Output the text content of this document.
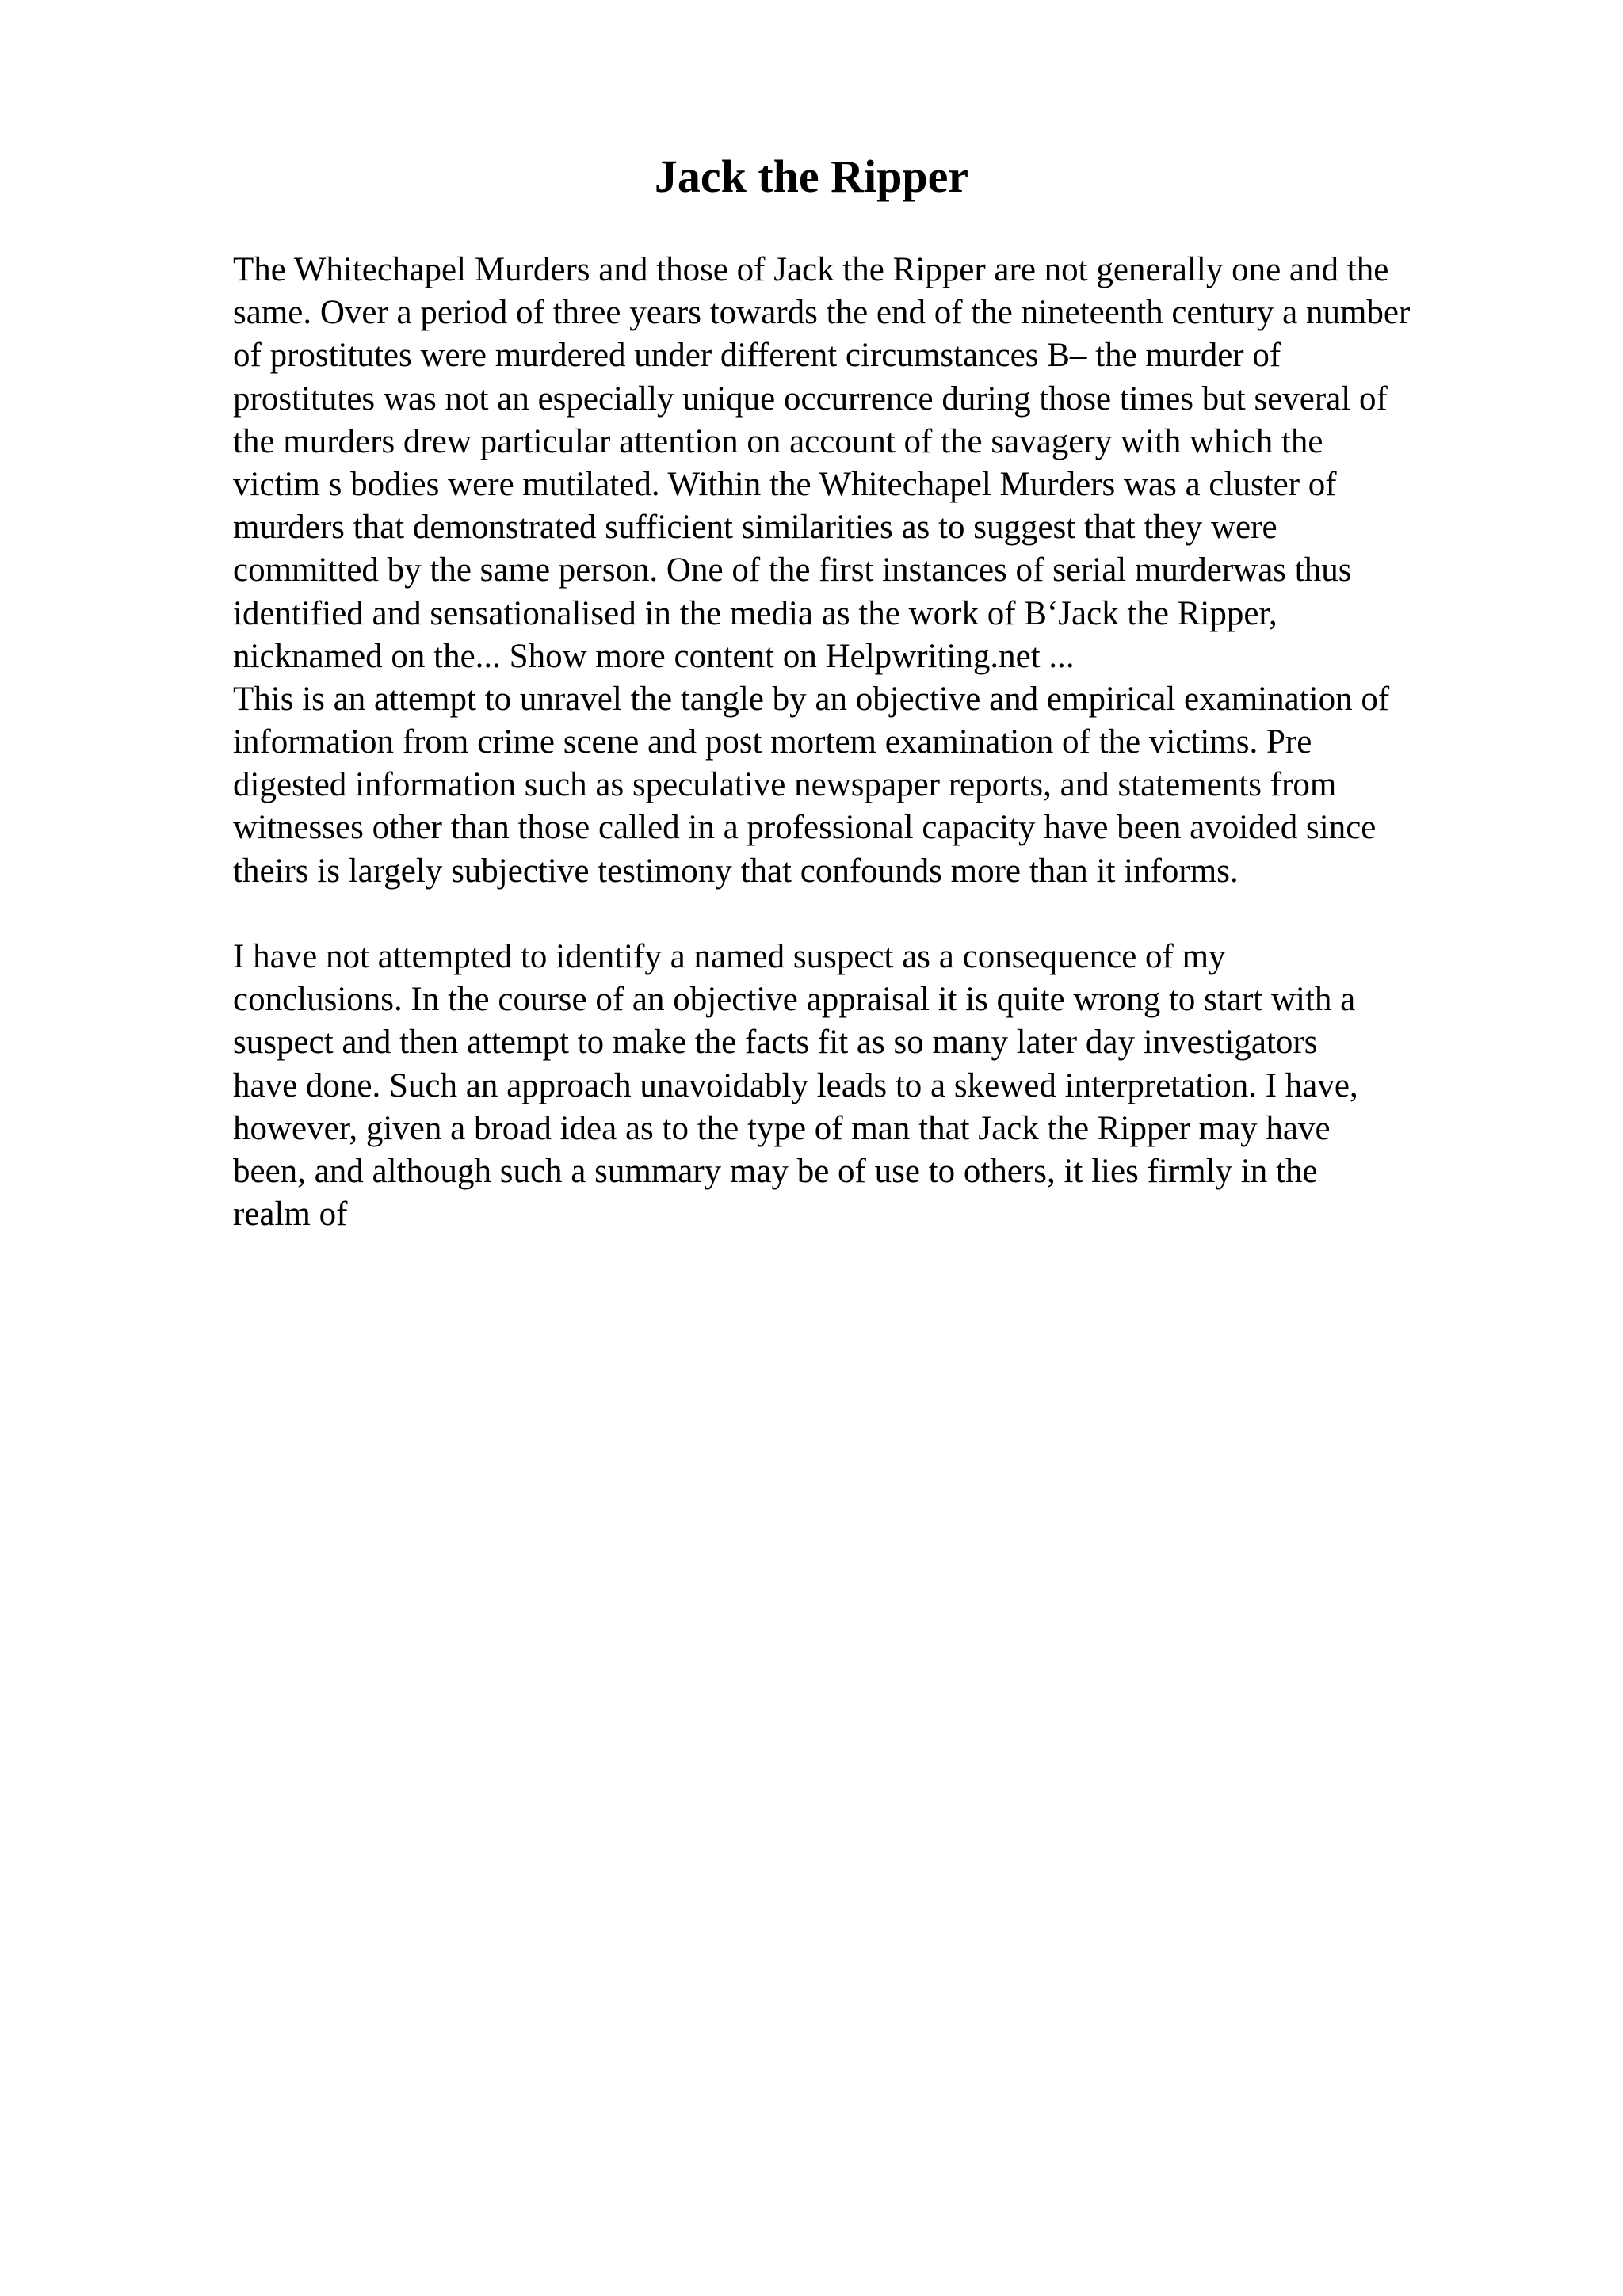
Jack the Ripper
The Whitechapel Murders and those of Jack the Ripper are not generally one and the
same. Over a period of three years towards the end of the nineteenth century a number
of prostitutes were murdered under different circumstances B– the murder of
prostitutes was not an especially unique occurrence during those times but several of
the murders drew particular attention on account of the savagery with which the
victim s bodies were mutilated. Within the Whitechapel Murders was a cluster of
murders that demonstrated sufficient similarities as to suggest that they were
committed by the same person. One of the first instances of serial murderwas thus
identified and sensationalised in the media as the work of B‘Jack the Ripper,
nicknamed on the... Show more content on Helpwriting.net ...
This is an attempt to unravel the tangle by an objective and empirical examination of
information from crime scene and post mortem examination of the victims. Pre
digested information such as speculative newspaper reports, and statements from
witnesses other than those called in a professional capacity have been avoided since
theirs is largely subjective testimony that confounds more than it informs.
I have not attempted to identify a named suspect as a consequence of my
conclusions. In the course of an objective appraisal it is quite wrong to start with a
suspect and then attempt to make the facts fit as so many later day investigators
have done. Such an approach unavoidably leads to a skewed interpretation. I have,
however, given a broad idea as to the type of man that Jack the Ripper may have
been, and although such a summary may be of use to others, it lies firmly in the
realm of
